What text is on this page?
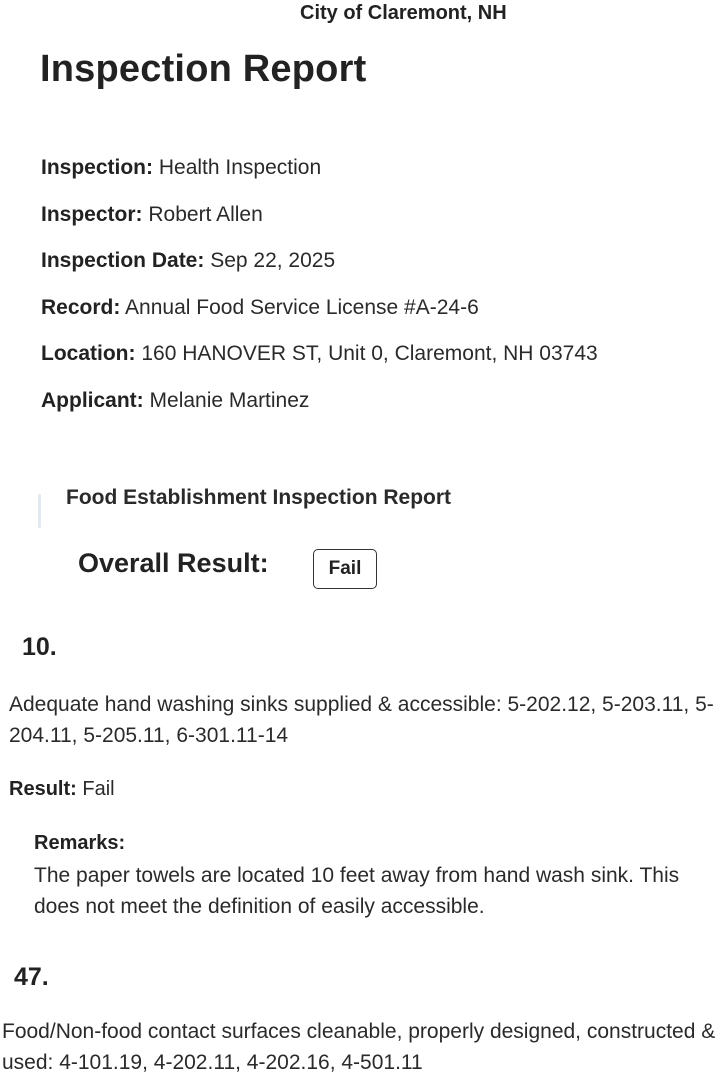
City of Claremont, NH
Inspection Report
Inspection: Health Inspection
Inspector: Robert Allen
Inspection Date: Sep 22, 2025
Record: Annual Food Service License #A-24-6
Location: 160 HANOVER ST, Unit 0, Claremont, NH 03743
Applicant: Melanie Martinez
Food Establishment Inspection Report
Overall Result:	Fail
10.
Adequate hand washing sinks supplied & accessible: 5-202.12, 5-203.11, 5-204.11, 5-205.11, 6-301.11-14
Result: Fail
Remarks:
The paper towels are located 10 feet away from hand wash sink. This does not meet the definition of easily accessible.
47.
Food/Non-food contact surfaces cleanable, properly designed, constructed & used: 4-101.19, 4-202.11, 4-202.16, 4-501.11
